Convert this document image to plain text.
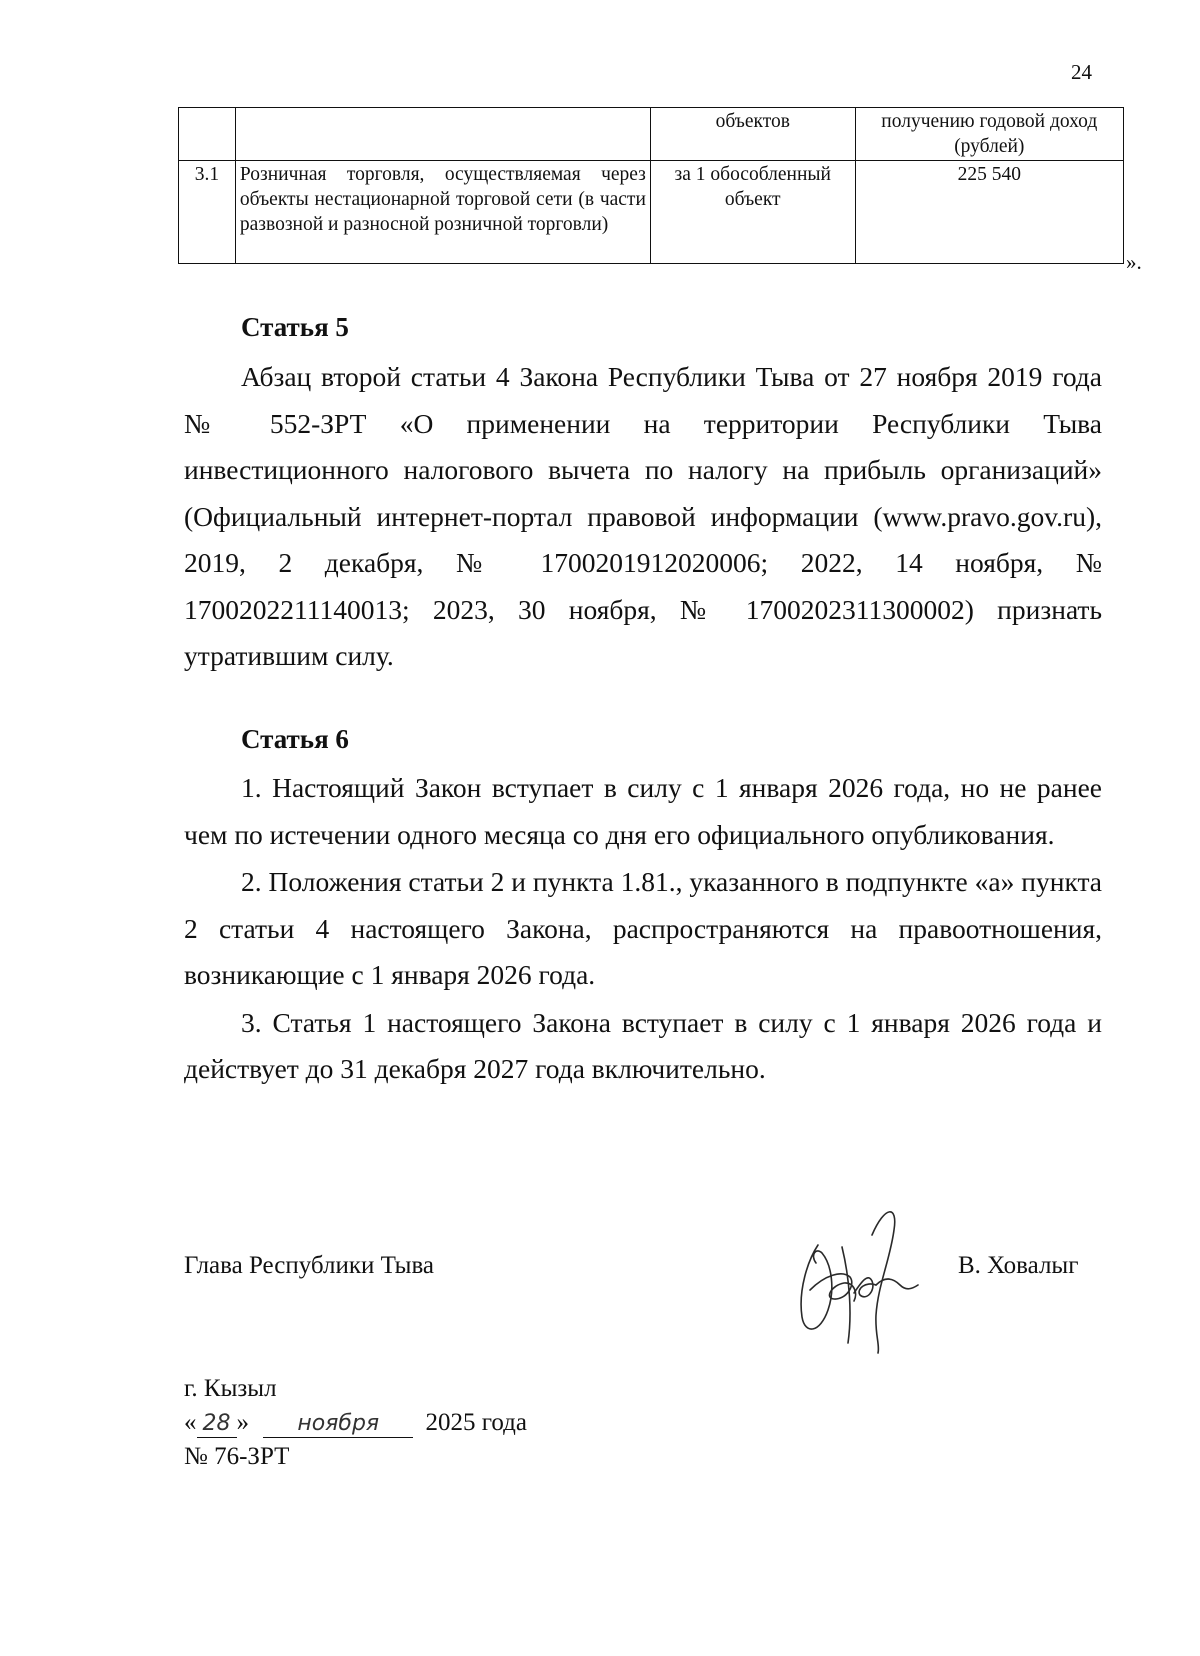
24
		объектов	получению годовой доход (рублей)
3.1	Розничная торговля, осуществляемая через объекты нестационарной торговой сети (в части развозной и разносной розничной торговли)	за 1 обособленный объект	225 540
».
Статья 5

Абзац второй статьи 4 Закона Республики Тыва от 27 ноября 2019 года № 552-ЗРТ «О применении на территории Республики Тыва инвестиционного налогового вычета по налогу на прибыль организаций» (Официальный интернет-портал правовой информации (www.pravo.gov.ru), 2019, 2 декабря, № 1700201912020006; 2022, 14 ноября, № 1700202211140013; 2023, 30 ноября, № 1700202311300002) признать утратившим силу.

Статья 6

1. Настоящий Закон вступает в силу с 1 января 2026 года, но не ранее чем по истечении одного месяца со дня его официального опубликования.

2. Положения статьи 2 и пункта 1.81., указанного в подпункте «а» пункта 2 статьи 4 настоящего Закона, распространяются на правоотношения, возникающие с 1 января 2026 года.

3. Статья 1 настоящего Закона вступает в силу с 1 января 2026 года и действует до 31 декабря 2027 года включительно.

Глава Республики Тыва	В. Ховалыг
г. Кызыл
« 28 » ноября 2025 года
№ 76-ЗРТ
